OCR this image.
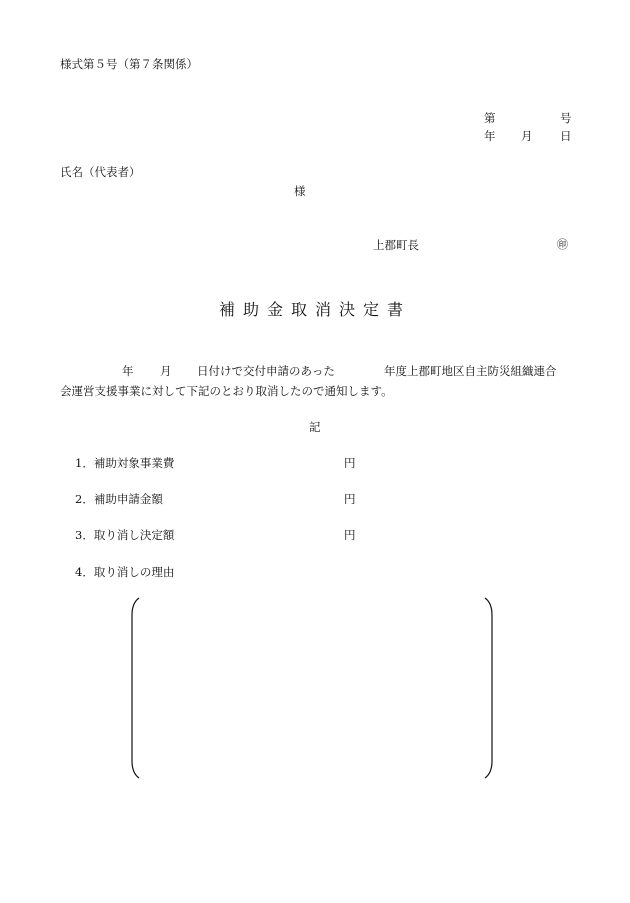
様式第５号（第７条関係）
第	号
年 月 日
氏名（代表者）
様
上郡町長	㊞
補助金取消決定書
年 月 日付けで交付申請のあった	年度上郡町地区自主防災組織連合
会運営支援事業に対して下記のとおり取消したので通知します。
記
1．補助対象事業費	円
2．補助申請金額	円
3．取り消し決定額	円
4．取り消しの理由
